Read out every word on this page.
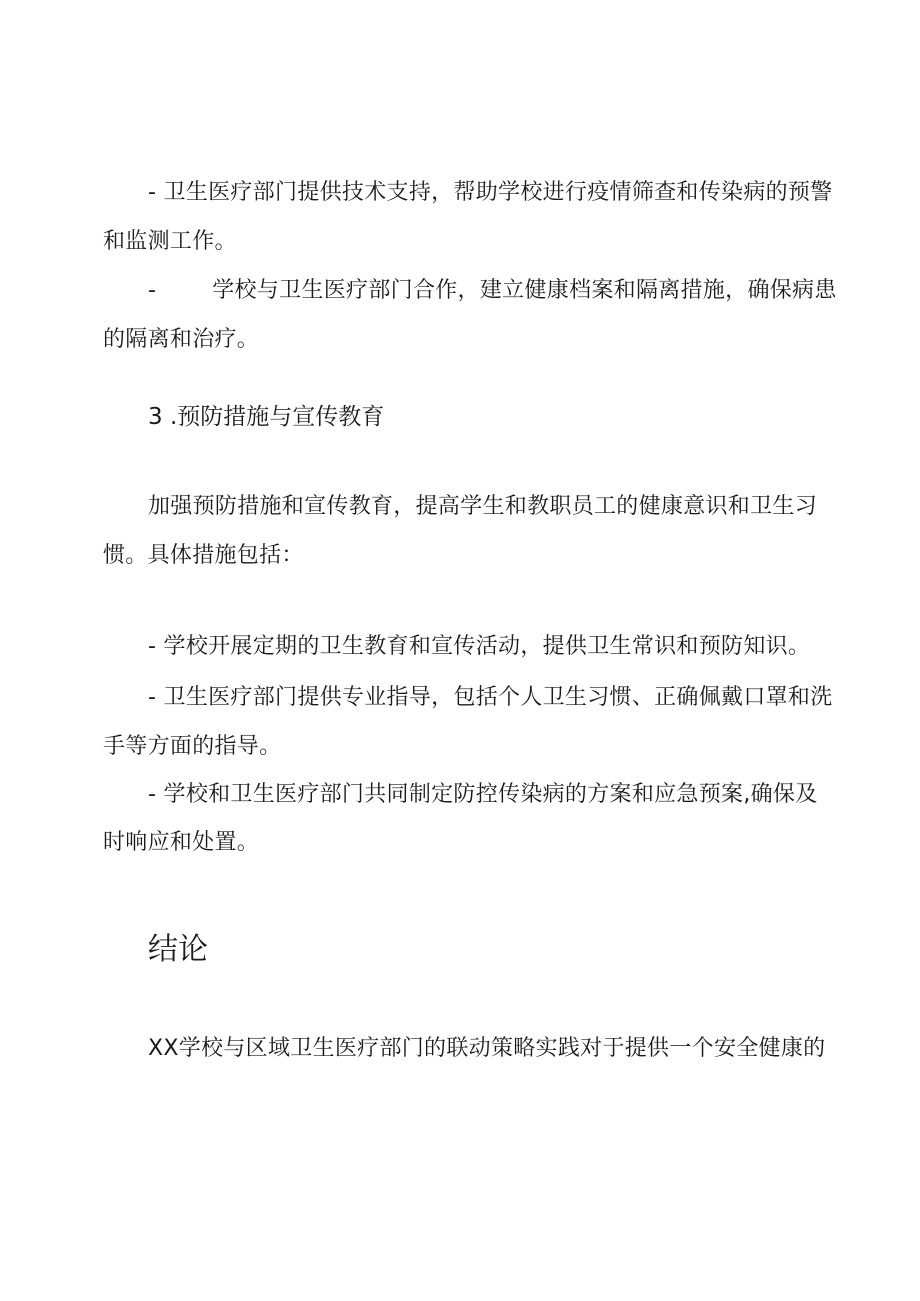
- 卫生医疗部门提供技术支持，帮助学校进行疫情筛查和传染病的预警
和监测工作。
-	学校与卫生医疗部门合作，建立健康档案和隔离措施，确保病患
的隔离和治疗。
3 .预防措施与宣传教育
加强预防措施和宣传教育，提高学生和教职员工的健康意识和卫生习
惯。具体措施包括：
- 学校开展定期的卫生教育和宣传活动，提供卫生常识和预防知识。
- 卫生医疗部门提供专业指导，包括个人卫生习惯、正确佩戴口罩和洗
手等方面的指导。
- 学校和卫生医疗部门共同制定防控传染病的方案和应急预案,确保及
时响应和处置。
结论
XX学校与区域卫生医疗部门的联动策略实践对于提供一个安全健康的
